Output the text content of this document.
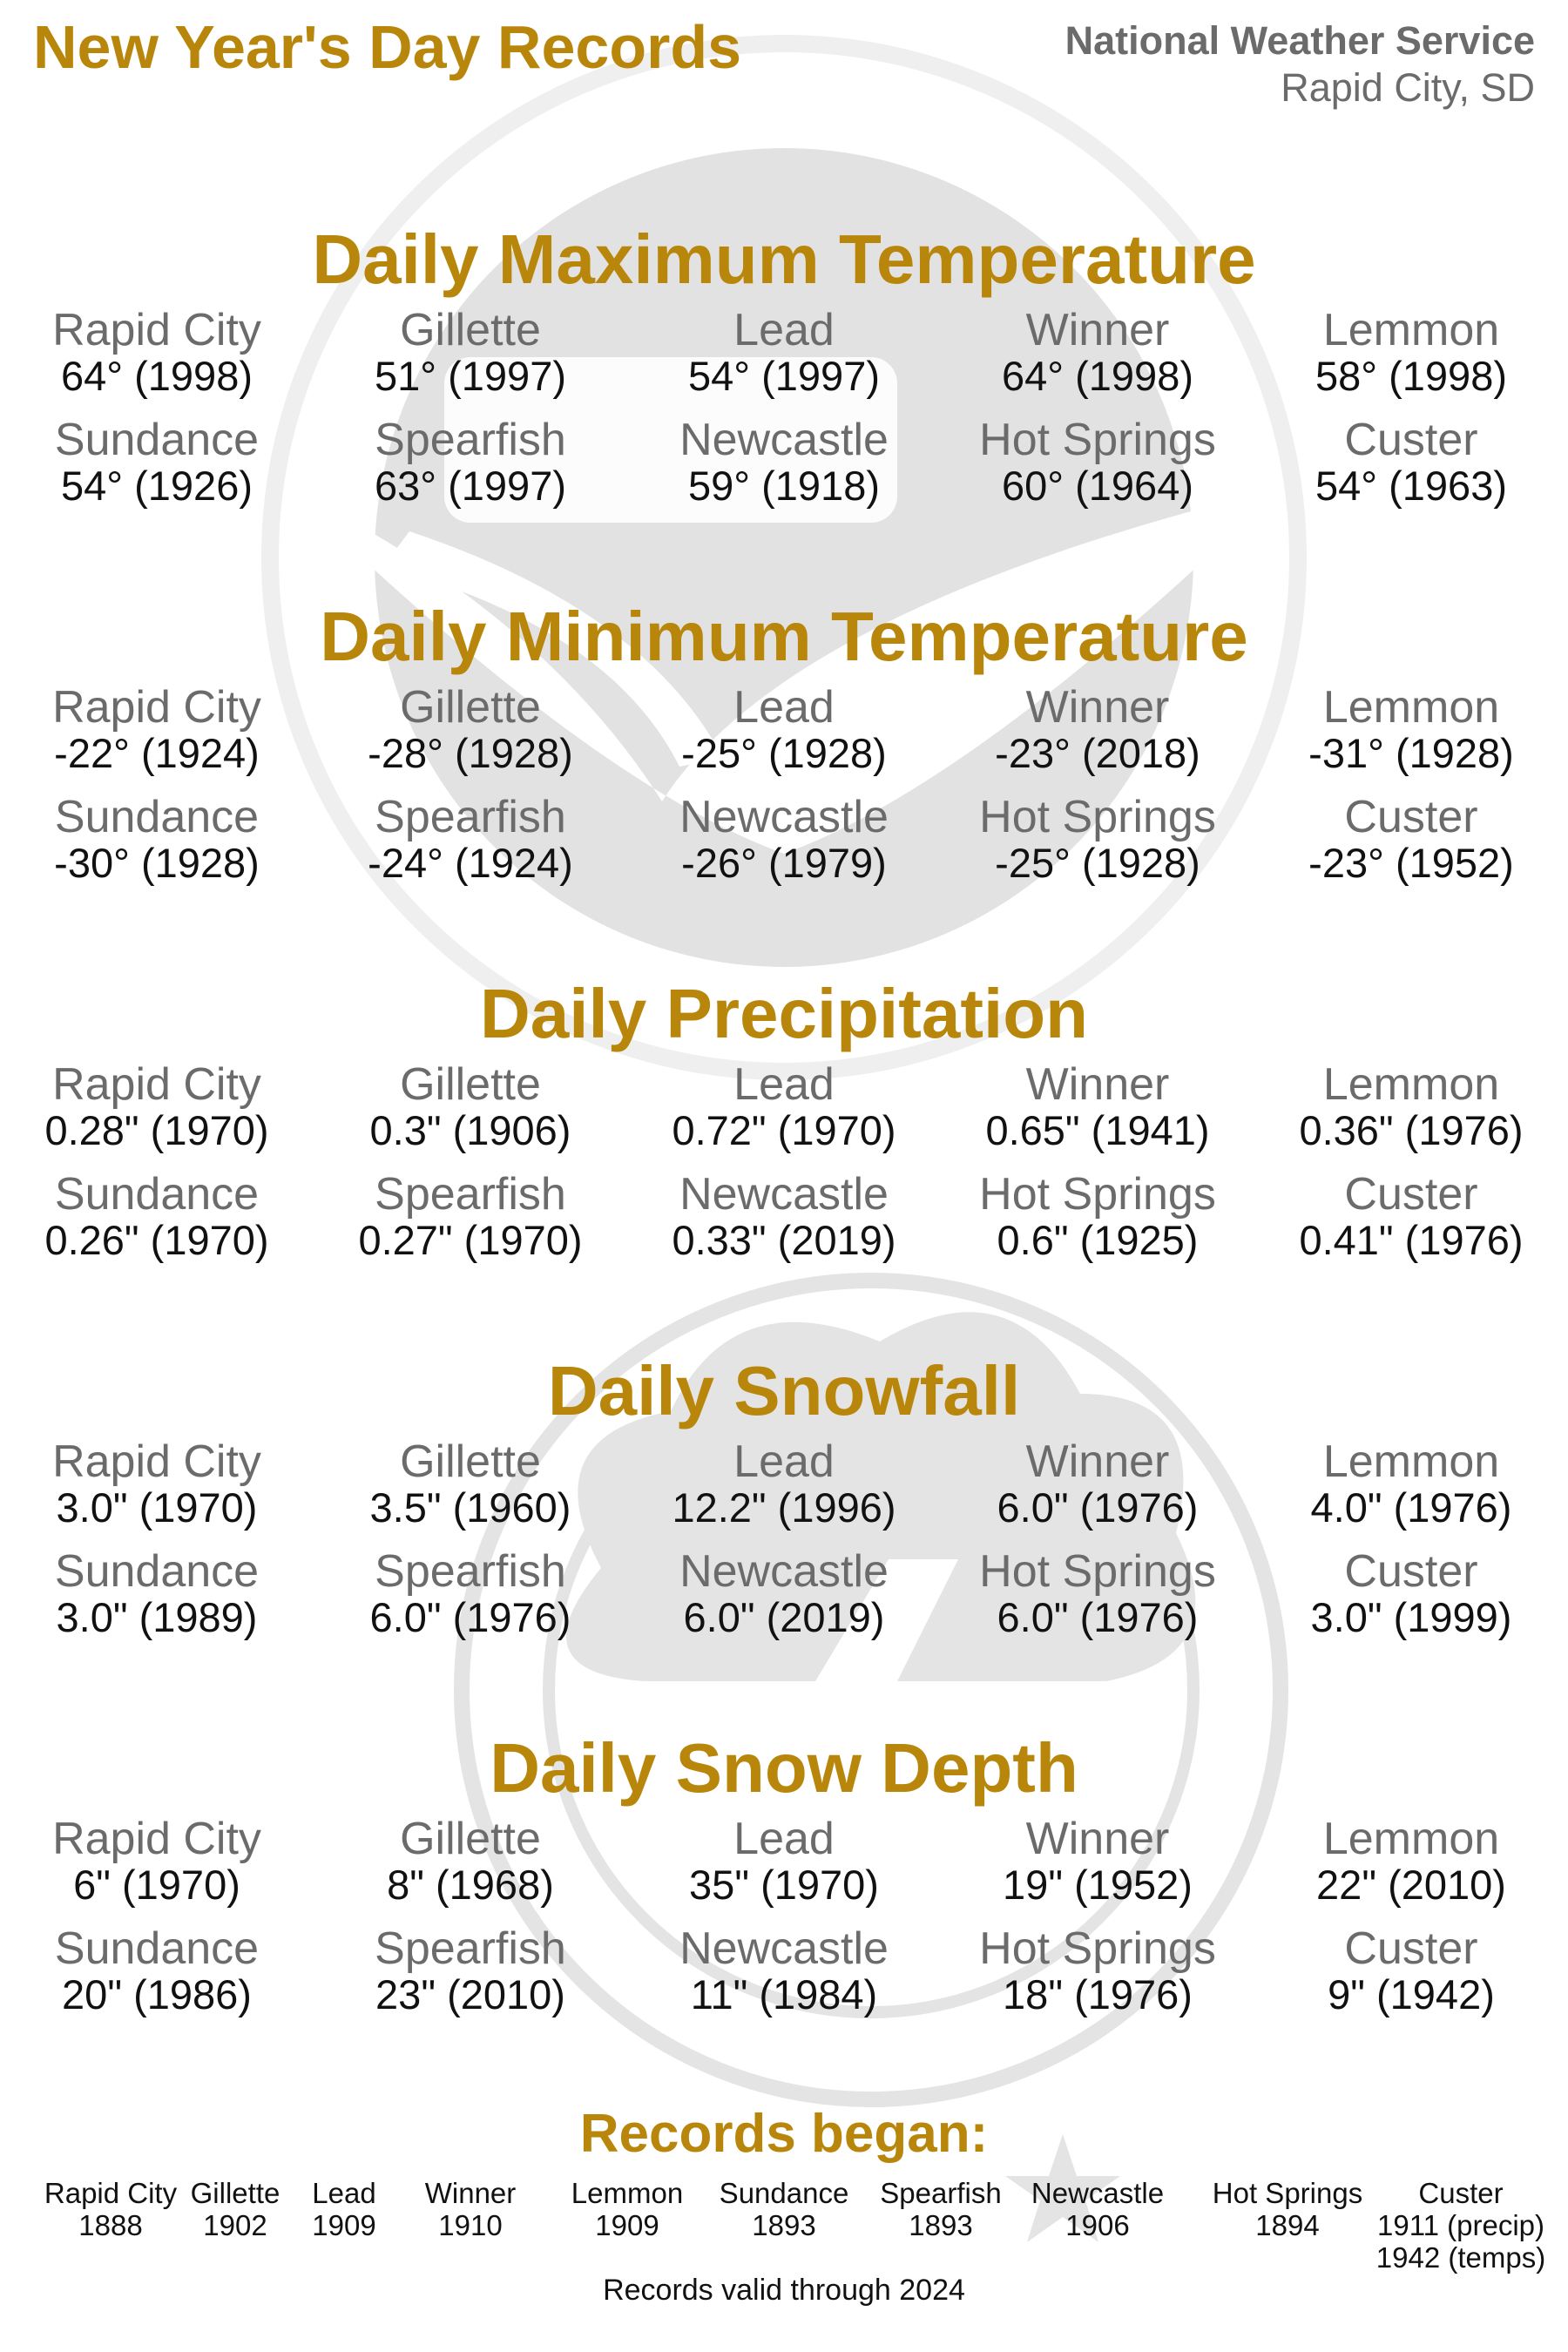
New Year's Day Records	National Weather Service
Rapid City, SD
Daily Maximum Temperature
Rapid City
64° (1998)
Gillette
51° (1997)
Lead
54° (1997)
Winner
64° (1998)
Lemmon
58° (1998)
Sundance
54° (1926)
Spearfish
63° (1997)
Newcastle
59° (1918)
Hot Springs
60° (1964)
Custer
54° (1963)
Daily Minimum Temperature
Rapid City
-22° (1924)
Gillette
-28° (1928)
Lead
-25° (1928)
Winner
-23° (2018)
Lemmon
-31° (1928)
Sundance
-30° (1928)
Spearfish
-24° (1924)
Newcastle
-26° (1979)
Hot Springs
-25° (1928)
Custer
-23° (1952)
Daily Precipitation
Rapid City
0.28" (1970)
Gillette
0.3" (1906)
Lead
0.72" (1970)
Winner
0.65" (1941)
Lemmon
0.36" (1976)
Sundance
0.26" (1970)
Spearfish
0.27" (1970)
Newcastle
0.33" (2019)
Hot Springs
0.6" (1925)
Custer
0.41" (1976)
Daily Snowfall
Rapid City
3.0" (1970)
Gillette
3.5" (1960)
Lead
12.2" (1996)
Winner
6.0" (1976)
Lemmon
4.0" (1976)
Sundance
3.0" (1989)
Spearfish
6.0" (1976)
Newcastle
6.0" (2019)
Hot Springs
6.0" (1976)
Custer
3.0" (1999)
Daily Snow Depth
Rapid City
6" (1970)
Gillette
8" (1968)
Lead
35" (1970)
Winner
19" (1952)
Lemmon
22" (2010)
Sundance
20" (1986)
Spearfish
23" (2010)
Newcastle
11" (1984)
Hot Springs
18" (1976)
Custer
9" (1942)
Records began:
Rapid City
1888
Gillette
1902
Lead
1909
Winner
1910
Lemmon
1909
Sundance
1893
Spearfish
1893
Newcastle
1906
Hot Springs
1894
Custer
1911 (precip)
1942 (temps)
Records valid through 2024
